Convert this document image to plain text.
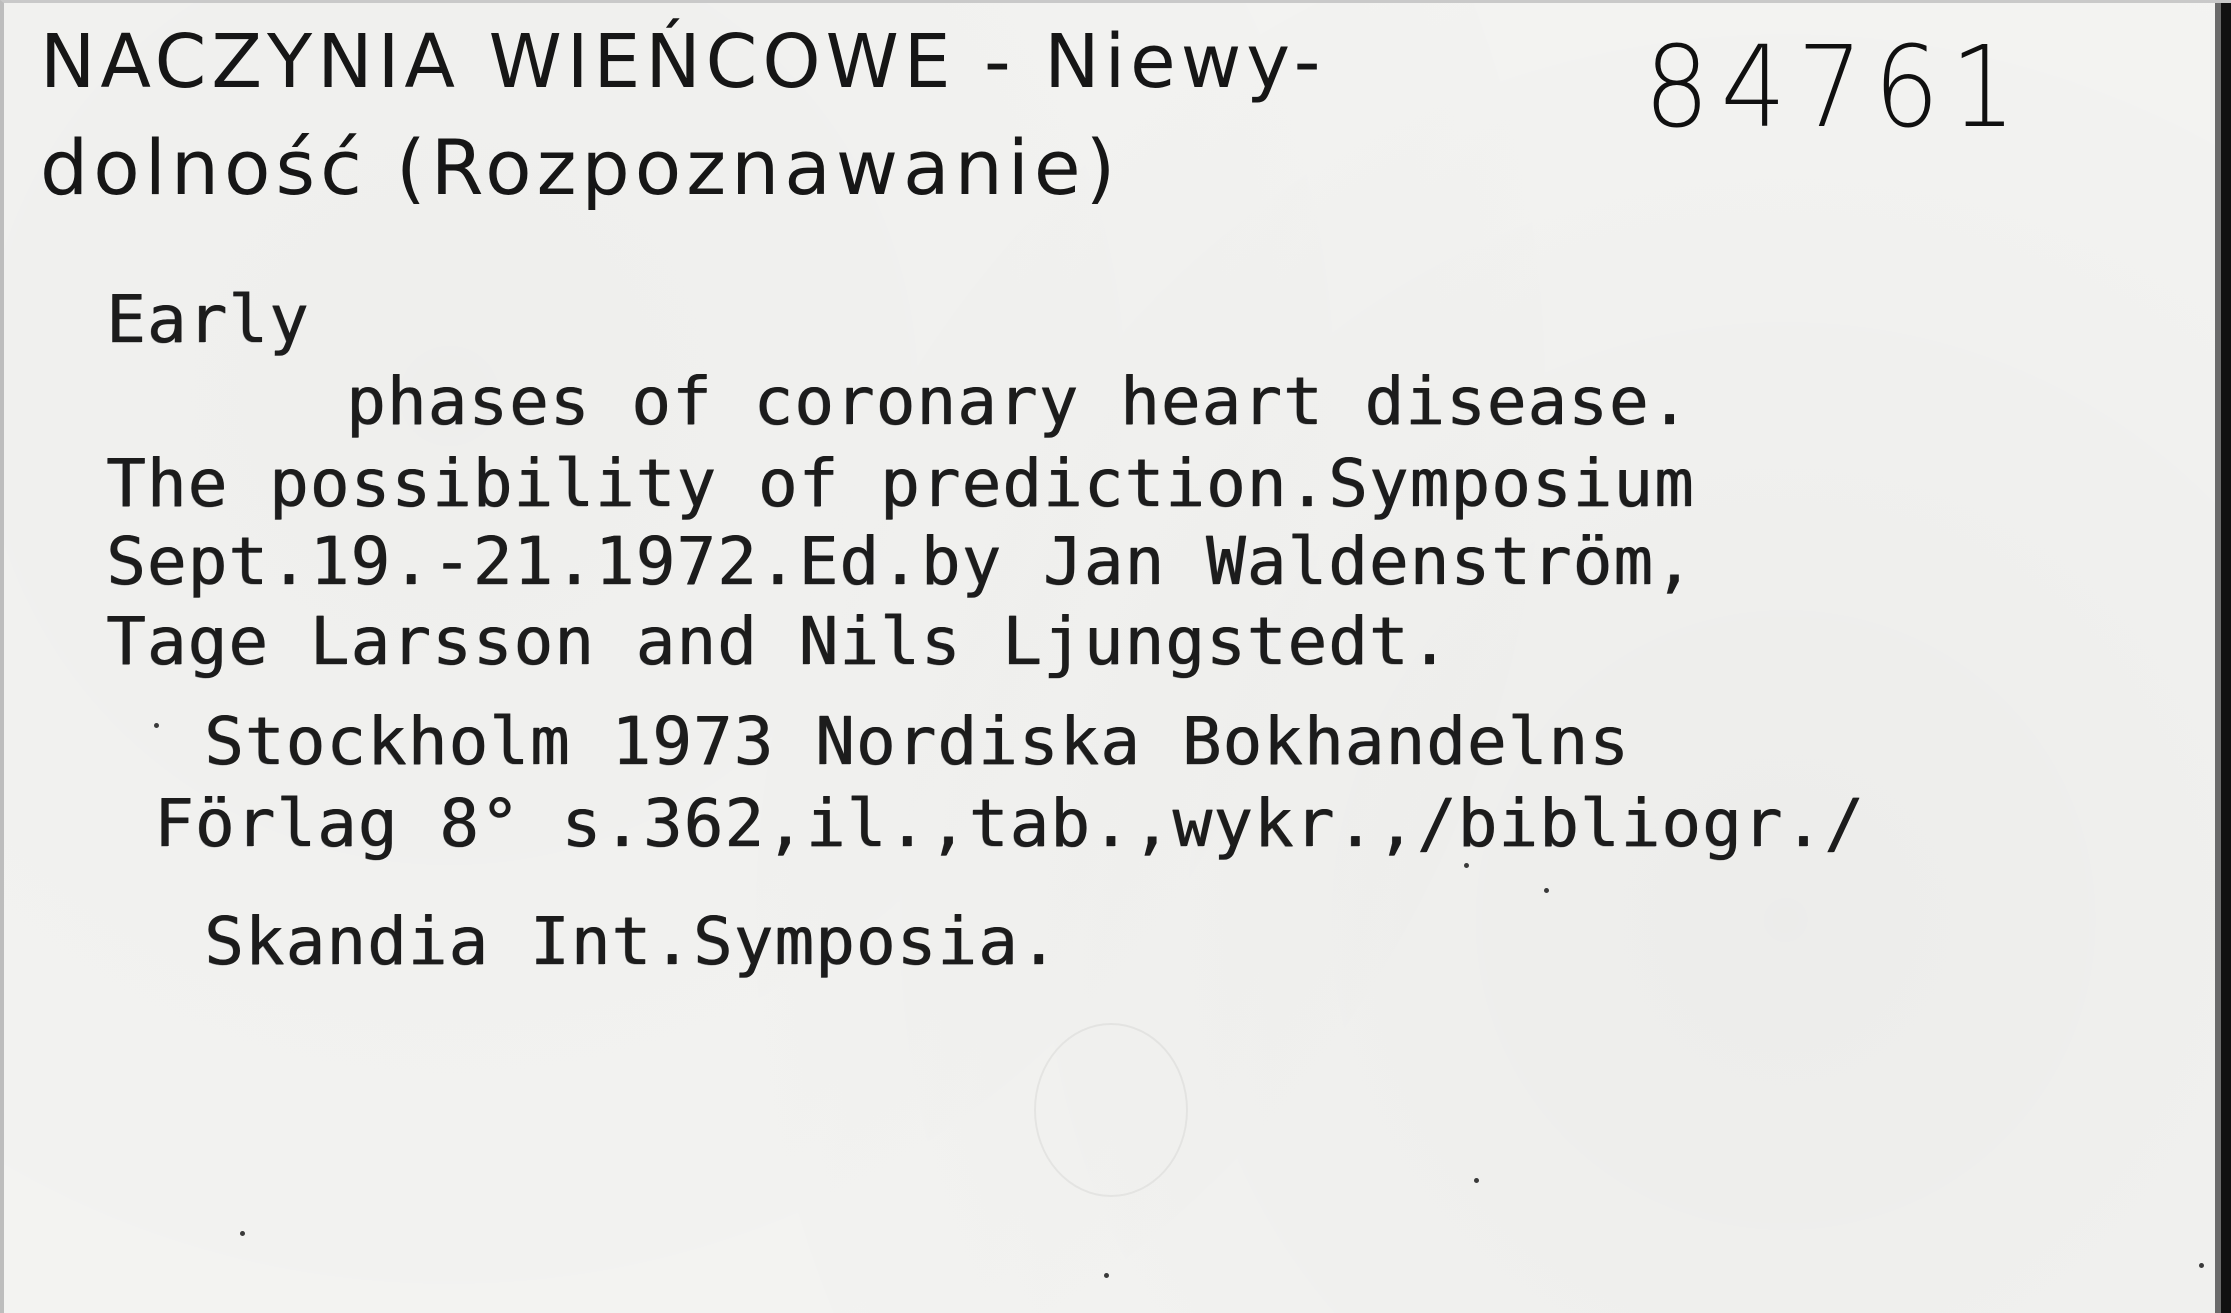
NACZYNIA WIEŃCOWE - Niewy-
dolność (Rozpoznawanie)
84761
Early
phases of coronary heart disease.
The possibility of prediction.Symposium
Sept.19.-21.1972.Ed.by Jan Waldenström,
Tage Larsson and Nils Ljungstedt.
Stockholm 1973 Nordiska Bokhandelns
Förlag 8° s.362,il.,tab.,wykr.,/bibliogr./
Skandia Int.Symposia.
